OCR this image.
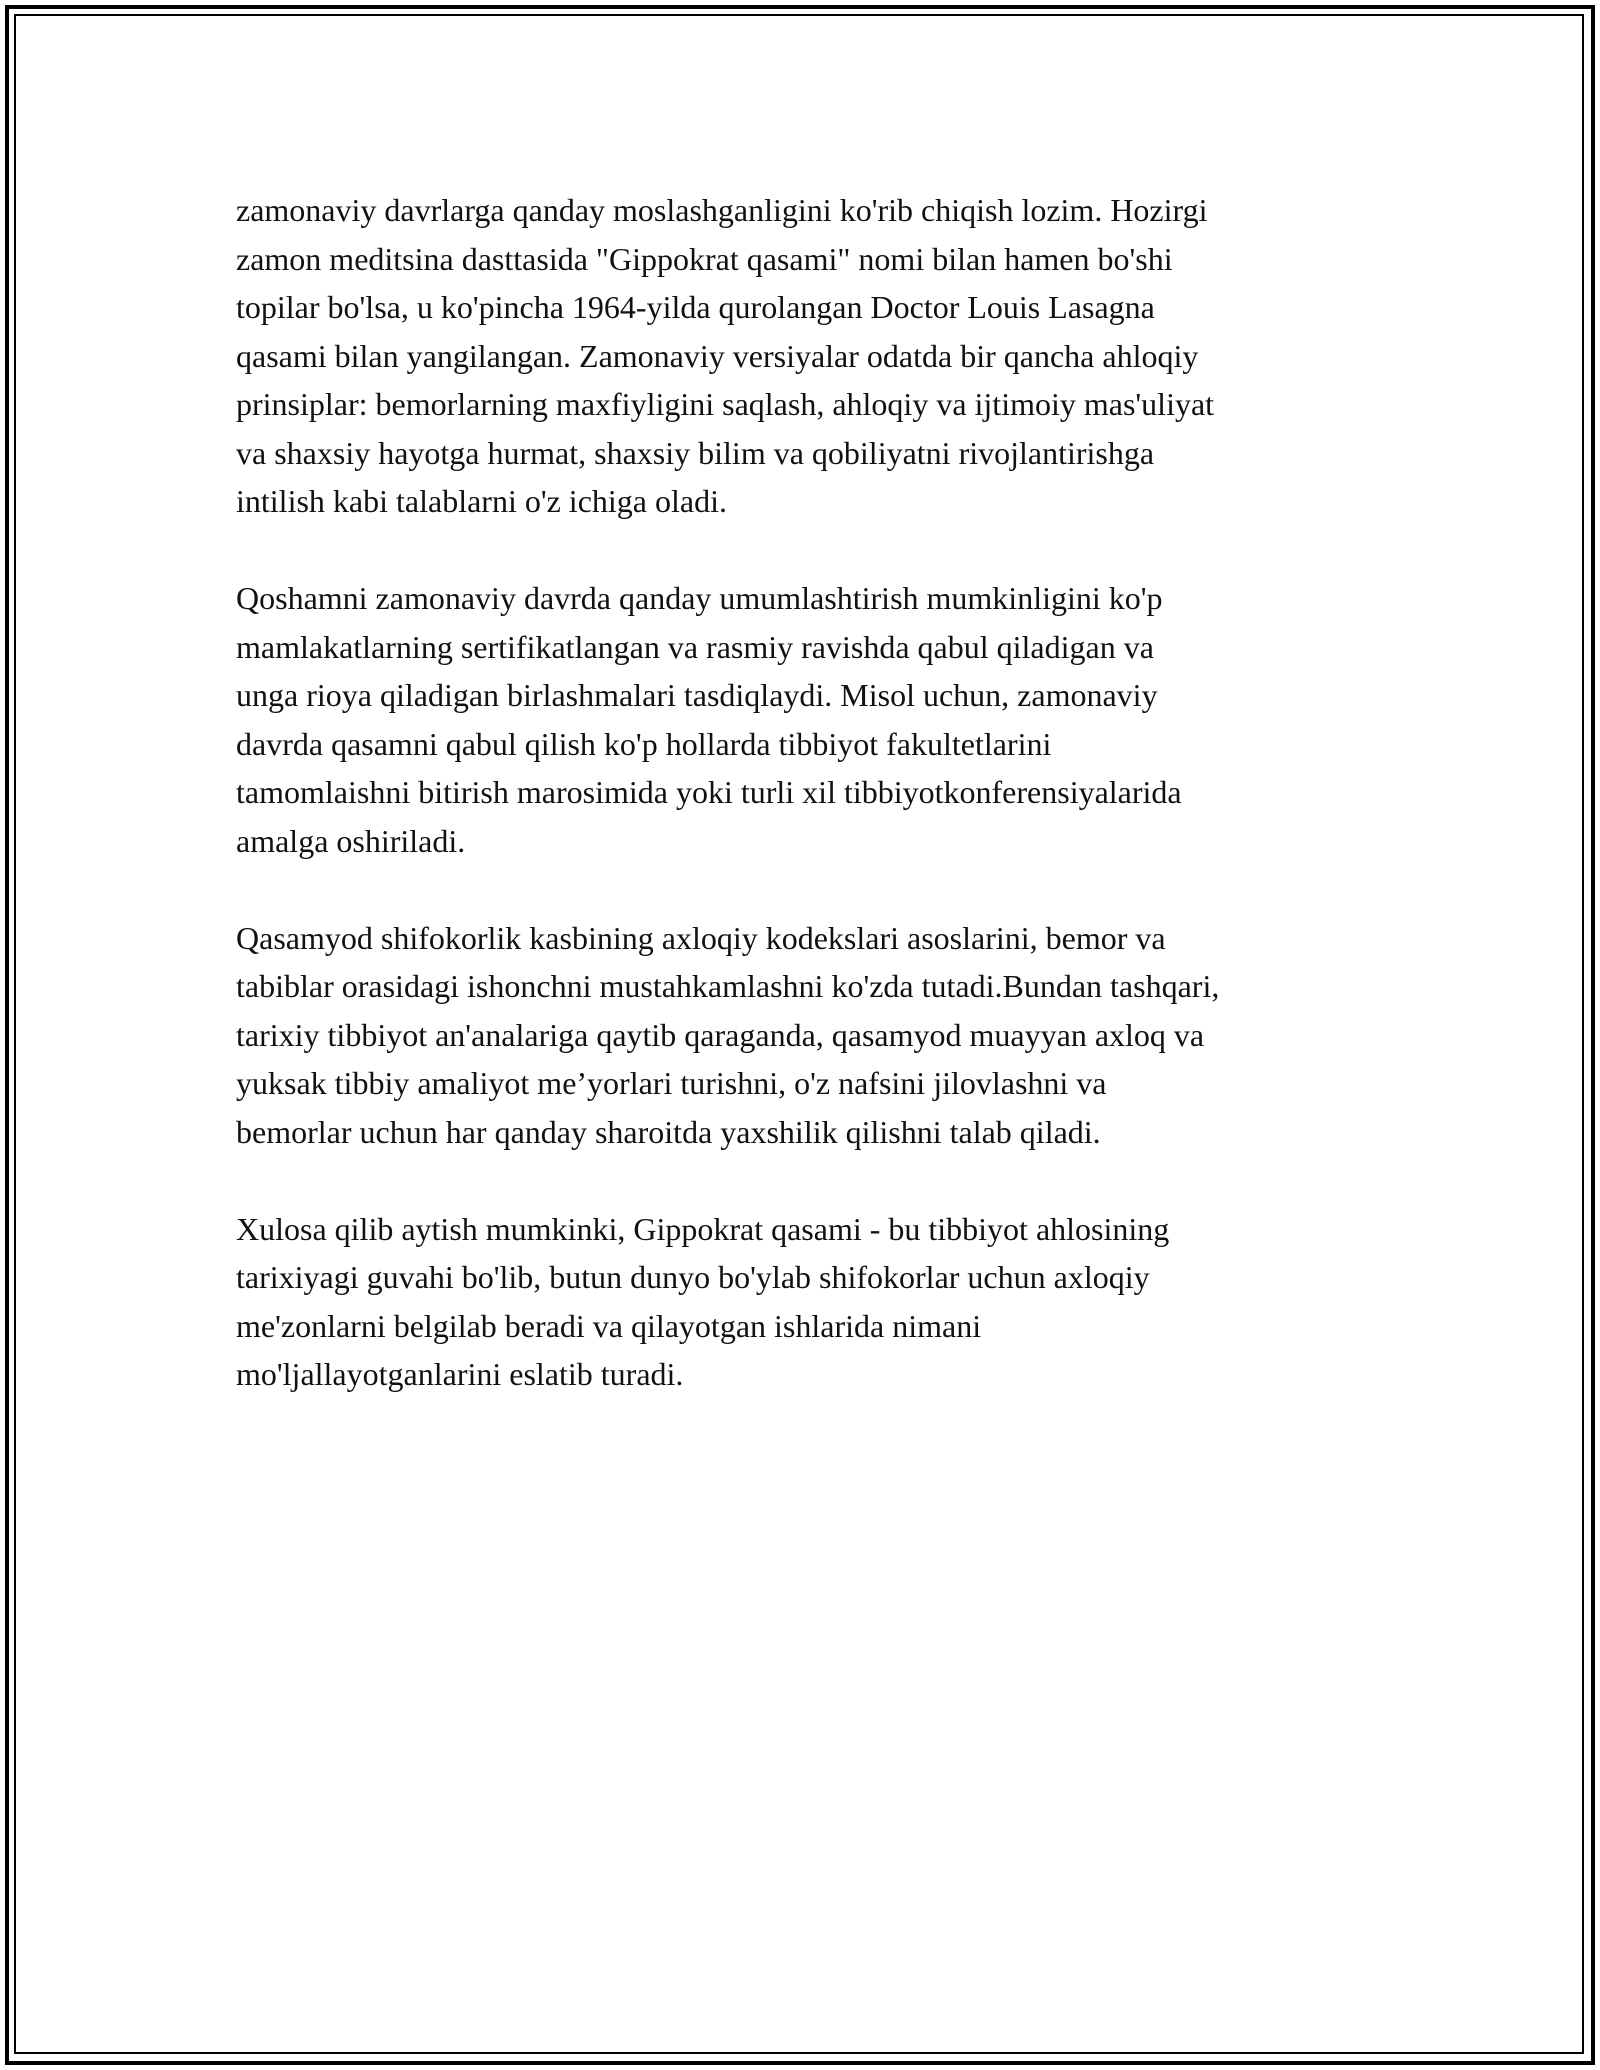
zamonaviy davrlarga qanday moslashganligini ko'rib chiqish lozim. Hozirgi
zamon meditsina dasttasida "Gippokrat qasami" nomi bilan hamen bo'shi
topilar bo'lsa, u ko'pincha 1964-yilda qurolangan Doctor Louis Lasagna
qasami bilan yangilangan. Zamonaviy versiyalar odatda bir qancha ahloqiy
prinsiplar: bemorlarning maxfiyligini saqlash, ahloqiy va ijtimoiy mas'uliyat
va shaxsiy hayotga hurmat, shaxsiy bilim va qobiliyatni rivojlantirishga
intilish kabi talablarni o'z ichiga oladi.

Qoshamni zamonaviy davrda qanday umumlashtirish mumkinligini ko'p
mamlakatlarning sertifikatlangan va rasmiy ravishda qabul qiladigan va
unga rioya qiladigan birlashmalari tasdiqlaydi. Misol uchun, zamonaviy
davrda qasamni qabul qilish ko'p hollarda tibbiyot fakultetlarini
tamomlaishni bitirish marosimida yoki turli xil tibbiyotkonferensiyalarida
amalga oshiriladi.

Qasamyod shifokorlik kasbining axloqiy kodekslari asoslarini, bemor va
tabiblar orasidagi ishonchni mustahkamlashni ko'zda tutadi.Bundan tashqari,
tarixiy tibbiyot an'analariga qaytib qaraganda, qasamyod muayyan axloq va
yuksak tibbiy amaliyot me’yorlari turishni, o'z nafsini jilovlashni va
bemorlar uchun har qanday sharoitda yaxshilik qilishni talab qiladi.

Xulosa qilib aytish mumkinki, Gippokrat qasami - bu tibbiyot ahlosining
tarixiyagi guvahi bo'lib, butun dunyo bo'ylab shifokorlar uchun axloqiy
me'zonlarni belgilab beradi va qilayotgan ishlarida nimani
mo'ljallayotganlarini eslatib turadi.
